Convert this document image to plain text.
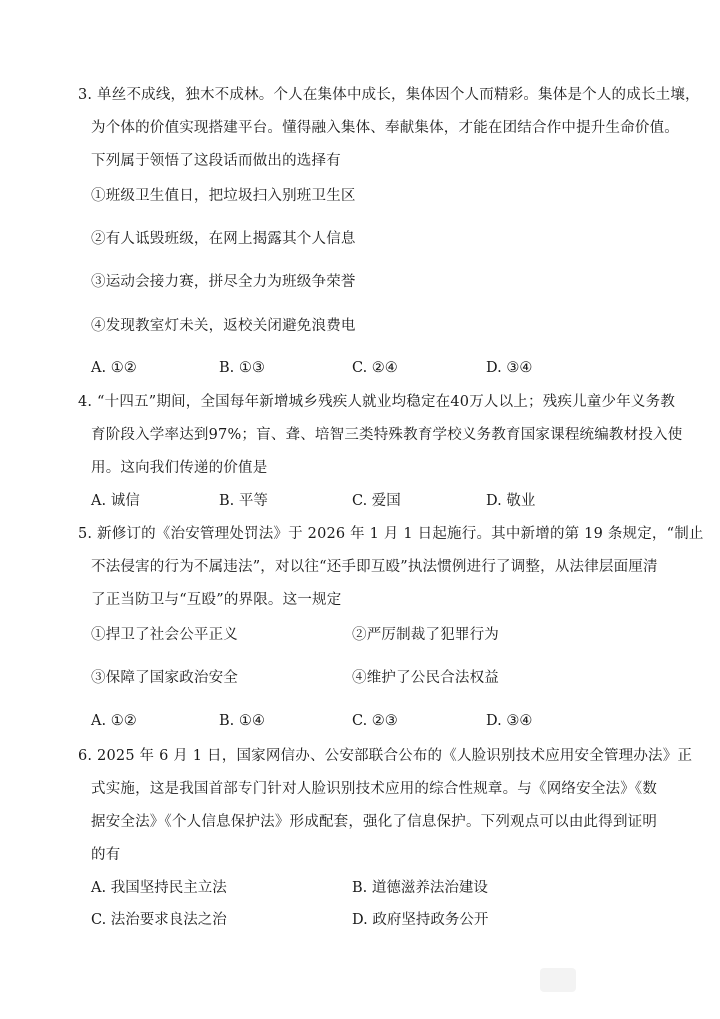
3. 单丝不成线，独木不成林。个人在集体中成长，集体因个人而精彩。集体是个人的成长土壤，
为个体的价值实现搭建平台。懂得融入集体、奉献集体，才能在团结合作中提升生命价值。
下列属于领悟了这段话而做出的选择有
①班级卫生值日，把垃圾扫入别班卫生区
②有人诋毁班级，在网上揭露其个人信息
③运动会接力赛，拼尽全力为班级争荣誉
④发现教室灯未关，返校关闭避免浪费电
A. ①②	B. ①③	C. ②④	D. ③④
4. “十四五”期间，全国每年新增城乡残疾人就业均稳定在40万人以上；残疾儿童少年义务教
育阶段入学率达到97%；盲、聋、培智三类特殊教育学校义务教育国家课程统编教材投入使
用。这向我们传递的价值是
A. 诚信	B. 平等	C. 爱国	D. 敬业
5. 新修订的《治安管理处罚法》于 2026 年 1 月 1 日起施行。其中新增的第 19 条规定，“制止
不法侵害的行为不属违法”，对以往“还手即互殴”执法惯例进行了调整，从法律层面厘清
了正当防卫与“互殴”的界限。这一规定
①捍卫了社会公平正义	②严厉制裁了犯罪行为
③保障了国家政治安全	④维护了公民合法权益
A. ①②	B. ①④	C. ②③	D. ③④
6. 2025 年 6 月 1 日，国家网信办、公安部联合公布的《人脸识别技术应用安全管理办法》正
式实施，这是我国首部专门针对人脸识别技术应用的综合性规章。与《网络安全法》《数
据安全法》《个人信息保护法》形成配套，强化了信息保护。下列观点可以由此得到证明
的有
A. 我国坚持民主立法	B. 道德滋养法治建设
C. 法治要求良法之治	D. 政府坚持政务公开
